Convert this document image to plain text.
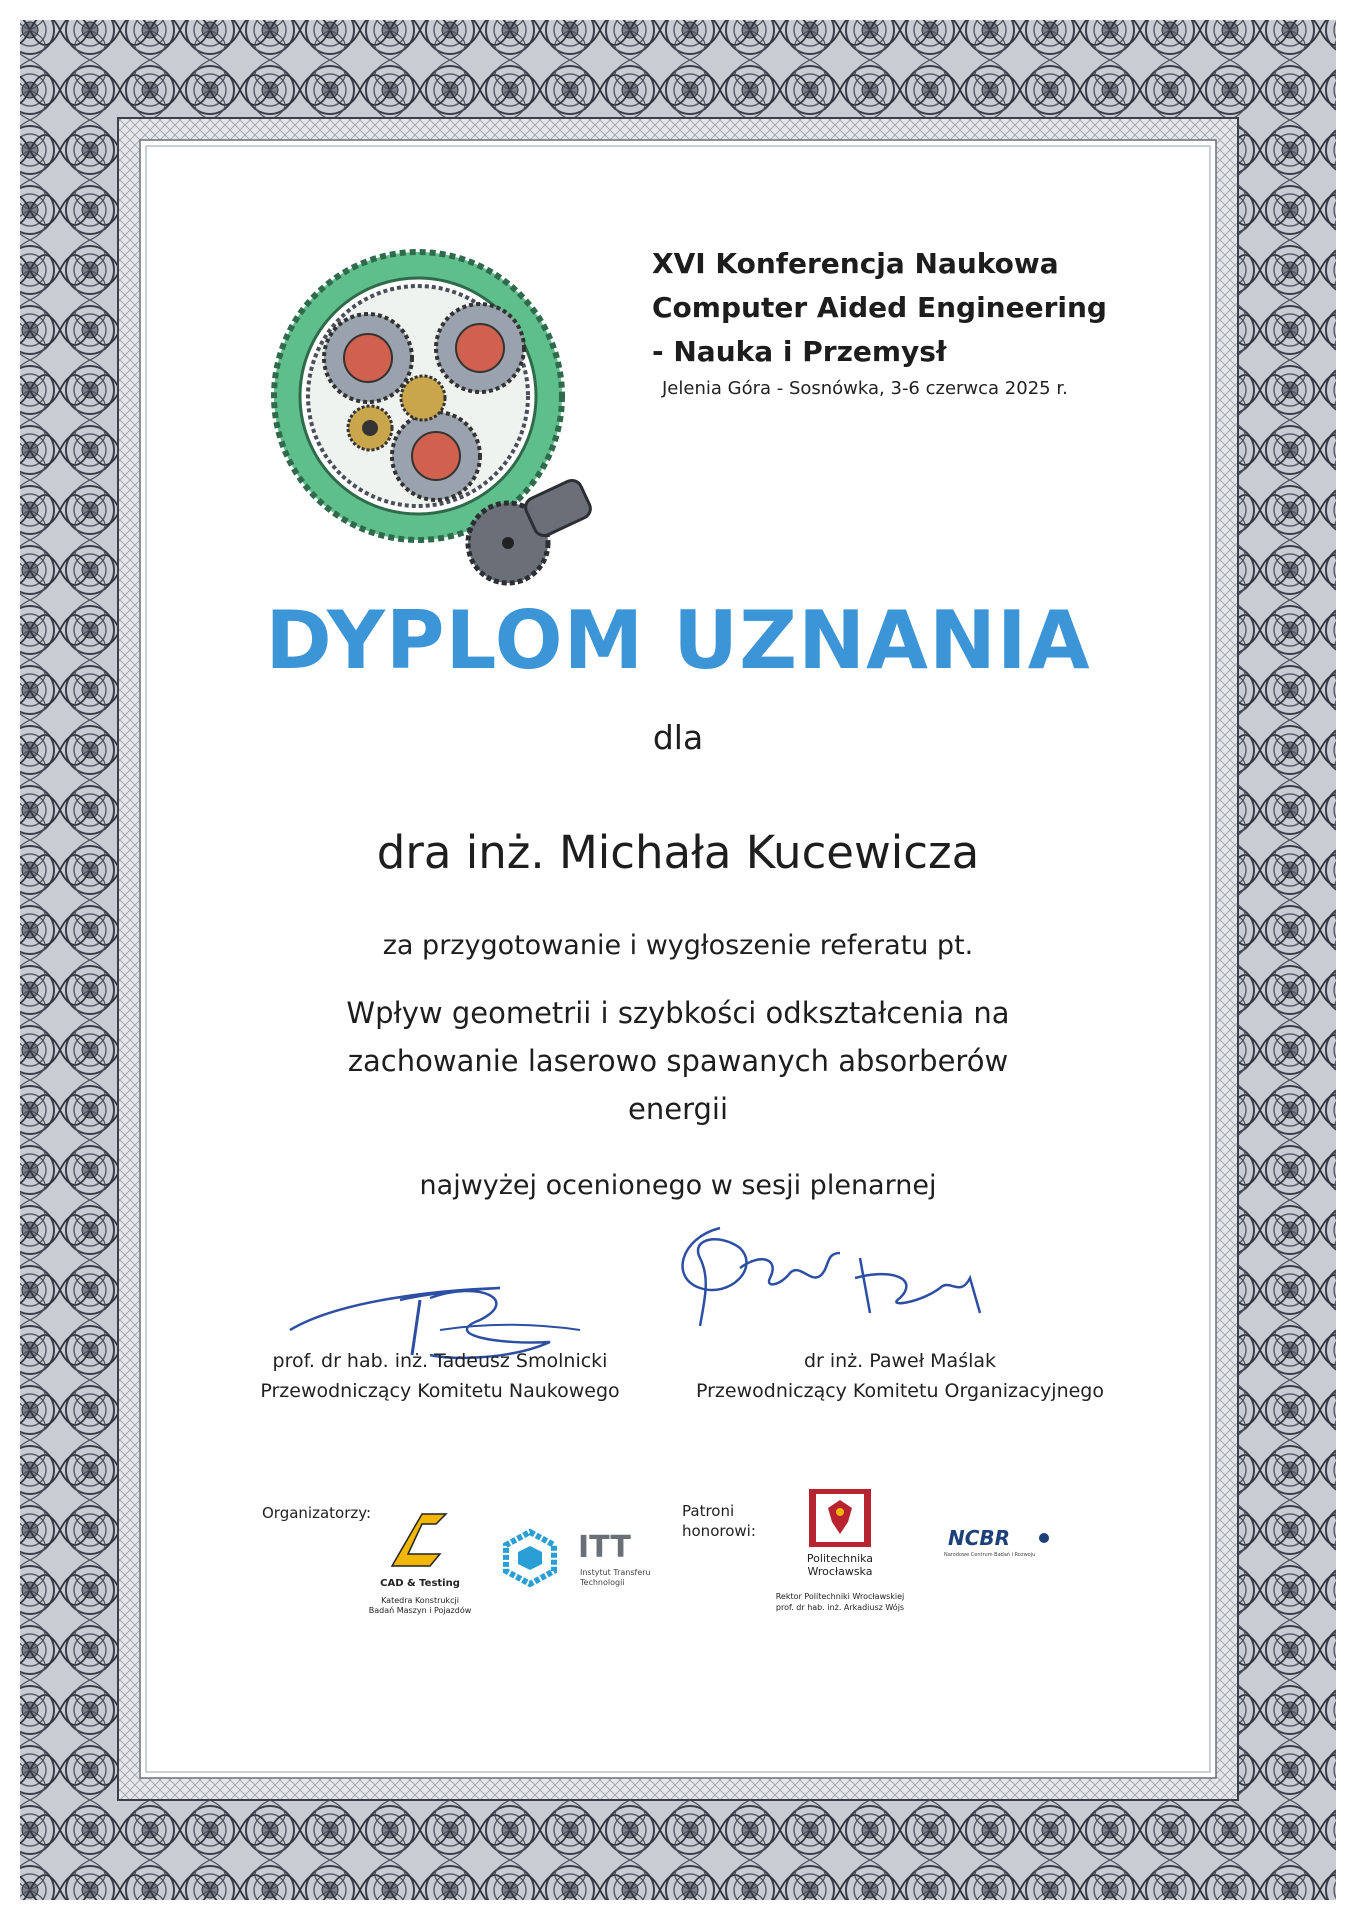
XVI Konferencja Naukowa
Computer Aided Engineering
- Nauka i Przemysł
Jelenia Góra - Sosnówka, 3-6 czerwca 2025 r.
DYPLOM UZNANIA
dla
dra inż. Michała Kucewicza
za przygotowanie i wygłoszenie referatu pt.
Wpływ geometrii i szybkości odkształcenia na
zachowanie laserowo spawanych absorberów
energii
najwyżej ocenionego w sesji plenarnej
prof. dr hab. inż. Tadeusz Smolnicki
Przewodniczący Komitetu Naukowego
dr inż. Paweł Maślak
Przewodniczący Komitetu Organizacyjnego
Organizatorzy:
CAD & Testing
Katedra Konstrukcji
Badań Maszyn i Pojazdów
ITT
Instytut Transferu
Technologii
Patroni
honorowi:
Politechnika
Wrocławska
Rektor Politechniki Wrocławskiej
prof. dr hab. inż. Arkadiusz Wójs
NCBR
Narodowe Centrum Badań i Rozwoju
